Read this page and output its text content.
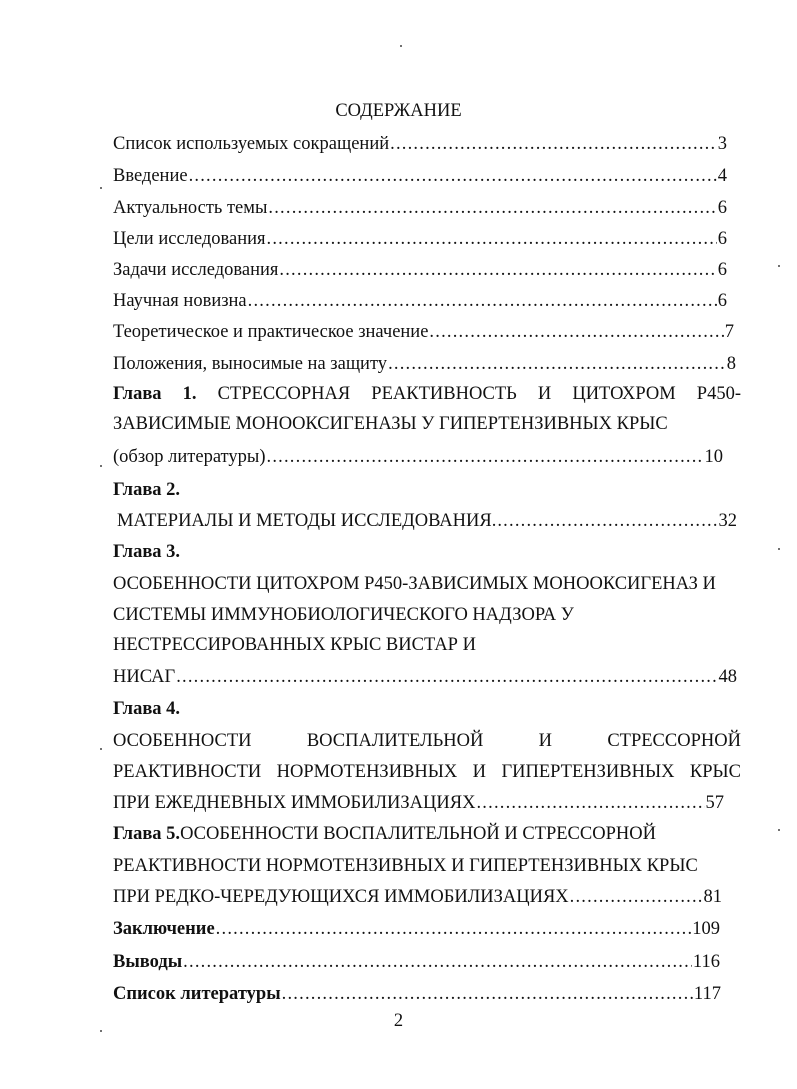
СОДЕРЖАНИЕ
Список используемых сокращений .....	3
Введение .....	4
Актуальность темы .....	6
Цели исследования .....	6
Задачи исследования .....	6
Научная новизна .....	6
Теоретическое и практическое значение .....	7
Положения, выносимые на защиту .....	8
Глава 1. СТРЕССОРНАЯ РЕАКТИВНОСТЬ И ЦИТОХРОМ Р450-
ЗАВИСИМЫЕ МОНООКСИГЕНАЗЫ У ГИПЕРТЕНЗИВНЫХ КРЫС
(обзор литературы) .....	10
Глава 2.
МАТЕРИАЛЫ И МЕТОДЫ ИССЛЕДОВАНИЯ. .....	32
Глава 3.
ОСОБЕННОСТИ ЦИТОХРОМ Р450-ЗАВИСИМЫХ МОНООКСИГЕНАЗ И
СИСТЕМЫ ИММУНОБИОЛОГИЧЕСКОГО НАДЗОРА У
НЕСТРЕССИРОВАННЫХ КРЫС ВИСТАР И
НИСАГ .....	48
Глава 4.
ОСОБЕННОСТИ	ВОСПАЛИТЕЛЬНОЙ	И	СТРЕССОРНОЙ
РЕАКТИВНОСТИ НОРМОТЕНЗИВНЫХ И ГИПЕРТЕНЗИВНЫХ КРЫС
ПРИ ЕЖЕДНЕВНЫХ ИММОБИЛИЗАЦИЯХ .....	57
Глава 5.ОСОБЕННОСТИ ВОСПАЛИТЕЛЬНОЙ И СТРЕССОРНОЙ
РЕАКТИВНОСТИ НОРМОТЕНЗИВНЫХ И ГИПЕРТЕНЗИВНЫХ КРЫС
ПРИ РЕДКО-ЧЕРЕДУЮЩИХСЯ ИММОБИЛИЗАЦИЯХ .....	81
Заключение .....	109
Выводы .....	116
Список литературы .....	117
2
